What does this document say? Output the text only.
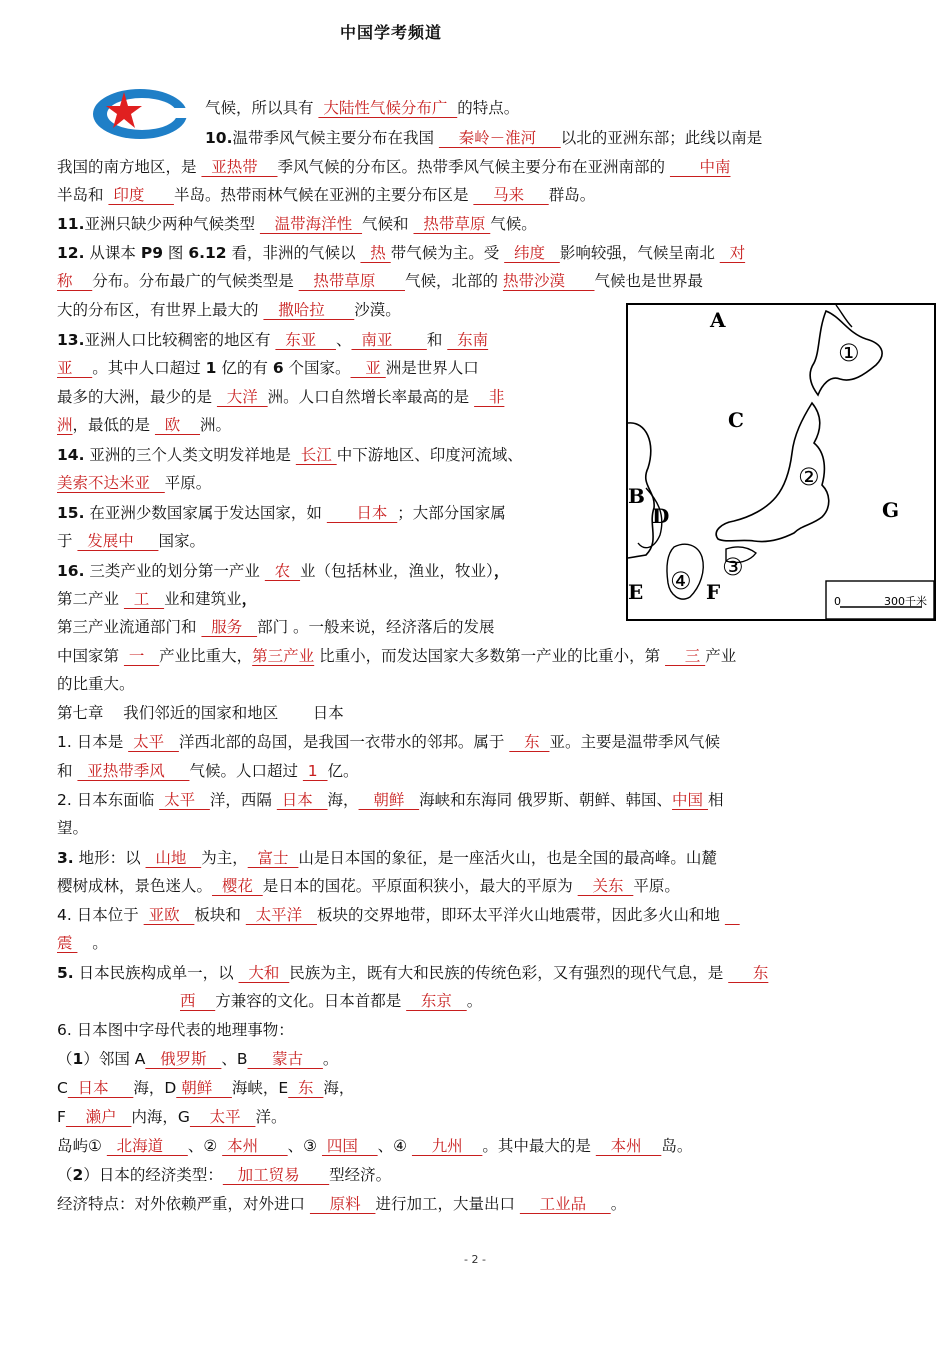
中国学考频道
气候，所以具有  大陆性气候分布广  的特点。
10.温带季风气候主要分布在我国     秦岭－淮河     以北的亚洲东部；此线以南是
我国的南方地区，是   亚热带    季风气候的分布区。热带季风气候主要分布在亚洲南部的       中南
半岛和  印度      半岛。热带雨林气候在亚洲的主要分布区是     马来     群岛。
11.亚洲只缺少两种气候类型    温带海洋性  气候和   热带草原 气候。
12. 从课本 P9 图 6.12 看，非洲的气候以   热 带气候为主。受   纬度   影响较强，气候呈南北   对
称    分布。分布最广的气候类型是    热带草原      气候，北部的 热带沙漠      气候也是世界最
大的分布区，有世界上最大的    撒哈拉      沙漠。
13.亚洲人口比较稠密的地区有   东亚    、  南亚       和   东南
亚    。其中人口超过 1 亿的有 6 个国家。   亚 洲是世界人口
最多的大洲，最少的是   大洋  洲。人口自然增长率最高的是    非
洲，最低的是   欧    洲。
14. 亚洲的三个人类文明发祥地是  长江 中下游地区、印度河流域、
美索不达米亚   平原。
15. 在亚洲少数国家属于发达国家，如       日本  ；大部分国家属
于   发展中     国家。
16. 三类产业的划分第一产业   农  业（包括林业，渔业，牧业），
第二产业   工   业和建筑业，
第三产业流通部门和   服务   部门 。一般来说，经济落后的发展
中国家第  一   产业比重大，第三产业 比重小，而发达国家大多数第一产业的比重小，第     三 产业
的比重大。
第七章    我们邻近的国家和地区       日本
1. 日本是  太平   洋西北部的岛国，是我国一衣带水的邻邦。属于    东  亚。主要是温带季风气候
和   亚热带季风     气候。人口超过  1  亿。
2. 日本东面临  太平   洋，西隔  日本   海，   朝鲜   海峡和东海同 俄罗斯、朝鲜、韩国、中国 相
望。
3. 地形：以   山地   为主，  富士  山是日本国的象征，是一座活火山，也是全国的最高峰。山麓
樱树成林，景色迷人。  樱花  是日本的国花。平原面积狭小，最大的平原为    关东  平原。
4. 日本位于  亚欧   板块和   太平洋   板块的交界地带，即环太平洋火山地震带，因此多火山和地
震    。
5. 日本民族构成单一，以   大和  民族为主，既有大和民族的传统色彩，又有强烈的现代气息，是      东
西    方兼容的文化。日本首都是    东京   。
6. 日本图中字母代表的地理事物：
（1）邻国 A   俄罗斯   、B     蒙古    。
C  日本     海，D 朝鲜    海峡，E  东  海，
F    濑户   内海，G    太平   洋。
岛屿①   北海道     、②  本州      、③  四国    、④     九州    。其中最大的是    本州    岛。
（2）日本的经济类型：   加工贸易      型经济。
经济特点：对外依赖严重，对外进口     原料   进行加工，大量出口     工业品     。
0	300千米
A
B
C
D
E	F
G
①
②
③
④
- 2 -
